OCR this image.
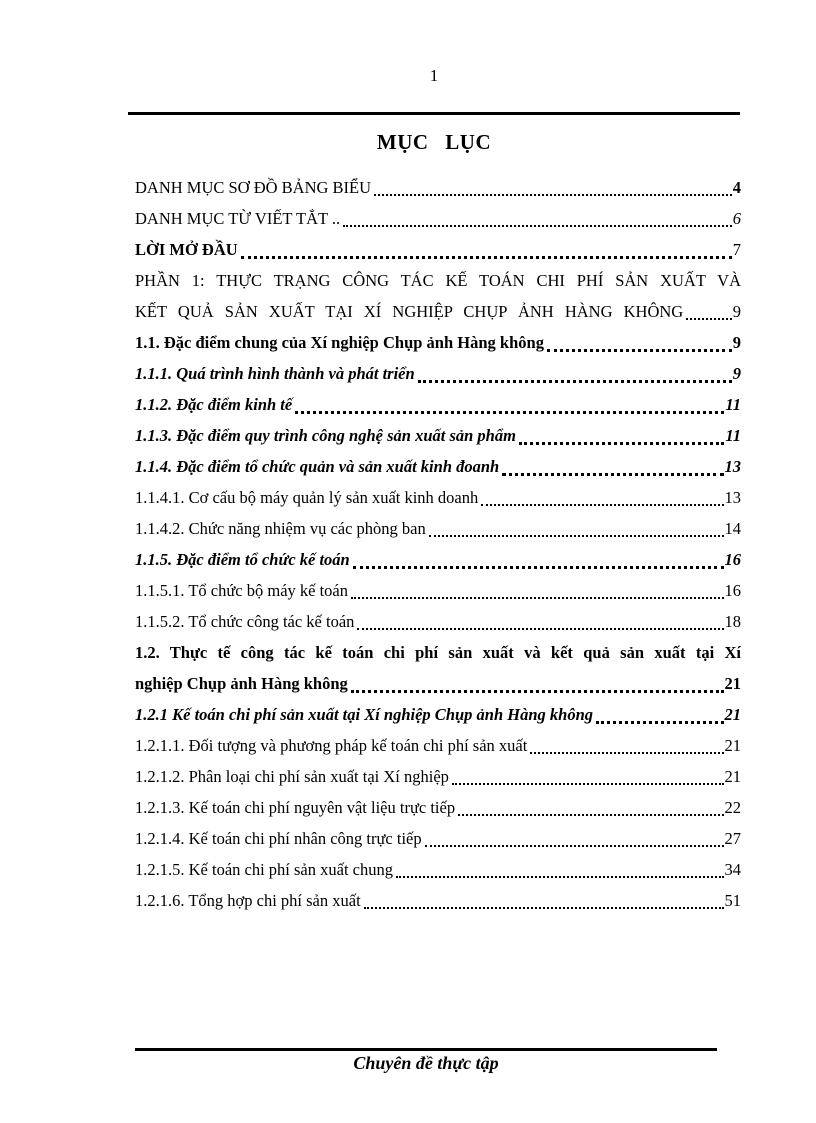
1
MỤC LỤC
DANH MỤC SƠ ĐỒ BẢNG BIỂU	4
DANH MỤC TỪ VIẾT TẮT ..	6
LỜI MỞ ĐẦU	7
PHẦN 1: THỰC TRẠNG CÔNG TÁC KẾ TOÁN CHI PHÍ SẢN XUẤT VÀ
KẾT QUẢ SẢN XUẤT TẠI XÍ NGHIỆP CHỤP ẢNH HÀNG KHÔNG	9
1.1. Đặc điểm chung của Xí nghiệp Chụp ảnh Hàng không	9
1.1.1. Quá trình hình thành và phát triển	9
1.1.2. Đặc điểm kinh tế	11
1.1.3. Đặc điểm quy trình công nghệ sản xuất sản phẩm	11
1.1.4. Đặc điểm tổ chức quản và sản xuất kinh đoanh	13
1.1.4.1. Cơ cấu bộ máy quản lý sản xuất kinh doanh	13
1.1.4.2. Chức năng nhiệm vụ các phòng ban	14
1.1.5. Đặc điểm tổ chức kế toán	16
1.1.5.1. Tổ chức bộ máy kế toán	16
1.1.5.2. Tổ chức công tác kế toán	18
1.2. Thực tế công tác kế toán chi phí sản xuất và kết quả sản xuất tại Xí
nghiệp Chụp ảnh Hàng không	21
1.2.1 Kế toán chi phí sản xuất tại Xí nghiệp Chụp ảnh Hàng không	21
1.2.1.1. Đối tượng và phương pháp kế toán chi phí sản xuất	21
1.2.1.2. Phân loại chi phí sản xuất tại Xí nghiệp	21
1.2.1.3. Kế toán chi phí nguyên vật liệu trực tiếp	22
1.2.1.4. Kế toán chi phí nhân công trực tiếp	27
1.2.1.5. Kế toán chi phí sản xuất chung	34
1.2.1.6. Tổng hợp chi phí sản xuất	51
Chuyên đề thực tập
